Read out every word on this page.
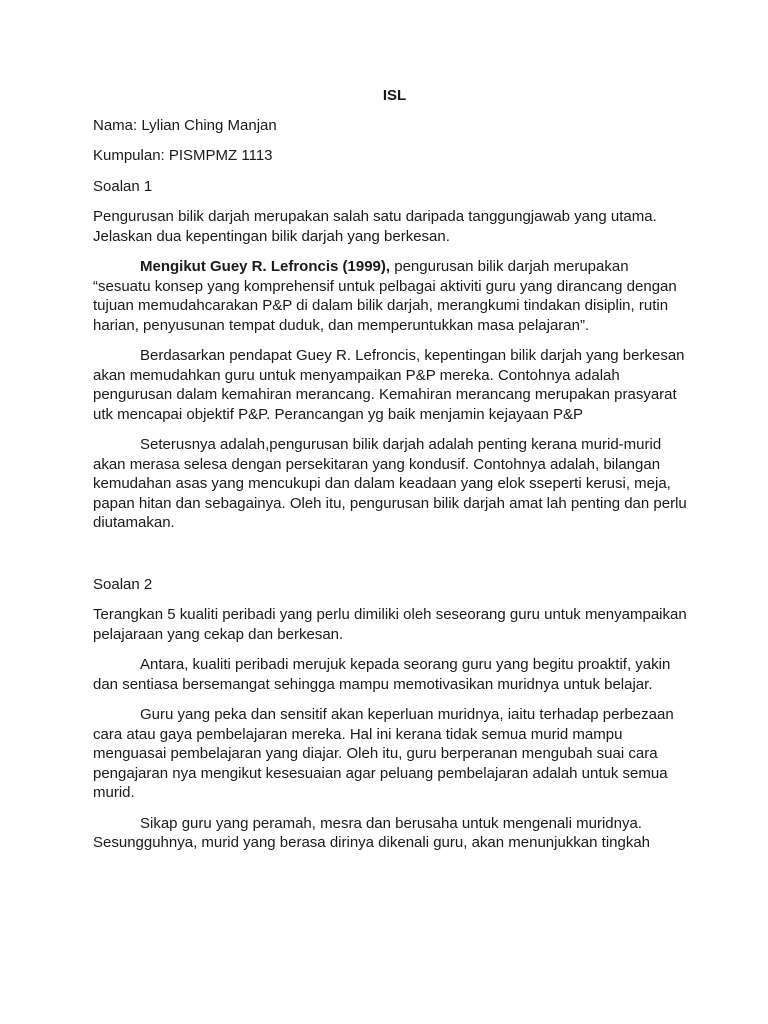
ISL
Nama: Lylian Ching Manjan
Kumpulan: PISMPMZ 1113
Soalan 1
Pengurusan bilik darjah merupakan salah satu daripada tanggungjawab yang utama. Jelaskan dua kepentingan bilik darjah yang berkesan.
Mengikut Guey R. Lefroncis (1999), pengurusan bilik darjah merupakan “sesuatu konsep yang komprehensif untuk pelbagai aktiviti guru yang dirancang dengan tujuan memudahcarakan P&P di dalam bilik darjah, merangkumi tindakan disiplin, rutin harian, penyusunan tempat duduk, dan memperuntukkan masa pelajaran”.
Berdasarkan pendapat Guey R. Lefroncis, kepentingan bilik darjah yang berkesan akan memudahkan guru untuk menyampaikan P&P mereka. Contohnya adalah pengurusan dalam kemahiran merancang. Kemahiran merancang merupakan prasyarat utk mencapai objektif P&P. Perancangan yg baik menjamin kejayaan P&P
Seterusnya adalah,pengurusan bilik darjah adalah penting kerana murid-murid akan merasa selesa dengan persekitaran yang kondusif. Contohnya adalah, bilangan kemudahan asas yang mencukupi dan dalam keadaan yang elok sseperti kerusi, meja, papan hitan dan sebagainya. Oleh itu, pengurusan bilik darjah amat lah penting dan perlu diutamakan.
Soalan 2
Terangkan 5 kualiti peribadi yang perlu dimiliki oleh seseorang guru untuk menyampaikan pelajaraan yang cekap dan berkesan.
Antara, kualiti peribadi merujuk kepada seorang guru yang begitu proaktif, yakin dan sentiasa bersemangat sehingga mampu memotivasikan muridnya untuk belajar.
Guru yang peka dan sensitif akan keperluan muridnya, iaitu terhadap perbezaan cara atau gaya pembelajaran mereka. Hal ini kerana tidak semua murid mampu menguasai pembelajaran yang diajar. Oleh itu, guru berperanan mengubah suai cara pengajaran nya mengikut kesesuaian agar peluang pembelajaran adalah untuk semua murid.
Sikap guru yang peramah, mesra dan berusaha untuk mengenali muridnya. Sesungguhnya, murid yang berasa dirinya dikenali guru, akan menunjukkan tingkah
